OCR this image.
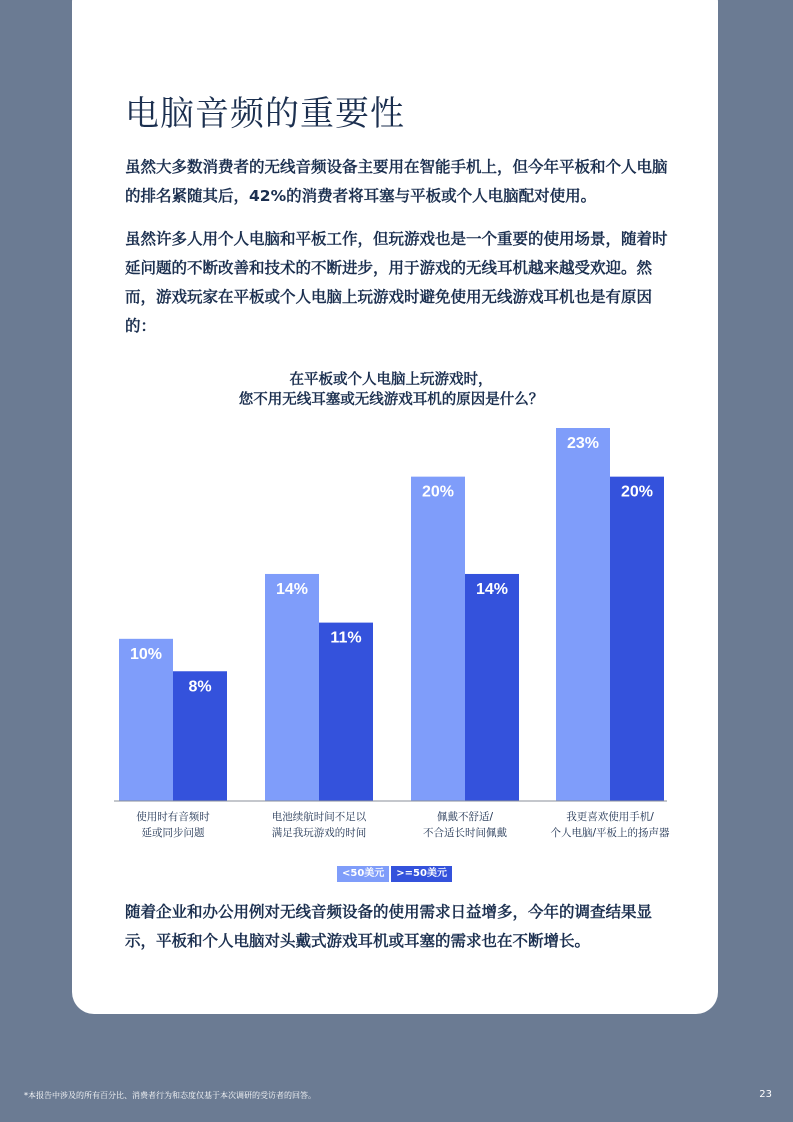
电脑音频的重要性

虽然大多数消费者的无线音频设备主要用在智能手机上，但今年平板和个人电脑的排名紧随其后，42%的消费者将耳塞与平板或个人电脑配对使用。

虽然许多人用个人电脑和平板工作，但玩游戏也是一个重要的使用场景，随着时延问题的不断改善和技术的不断进步，用于游戏的无线耳机越来越受欢迎。然而，游戏玩家在平板或个人电脑上玩游戏时避免使用无线游戏耳机也是有原因的：

在平板或个人电脑上玩游戏时，
您不用无线耳塞或无线游戏耳机的原因是什么？
10%
8%
使用时有音频时
延或同步问题
14%
11%
电池续航时间不足以
满足我玩游戏的时间
20%
14%
佩戴不舒适/
不合适长时间佩戴
23%
20%
我更喜欢使用手机/
个人电脑/平板上的扬声器
<50美元	>=50美元

随着企业和办公用例对无线音频设备的使用需求日益增多，今年的调查结果显示，平板和个人电脑对头戴式游戏耳机或耳塞的需求也在不断增长。

*本报告中涉及的所有百分比、消费者行为和态度仅基于本次调研的受访者的回答。	23
